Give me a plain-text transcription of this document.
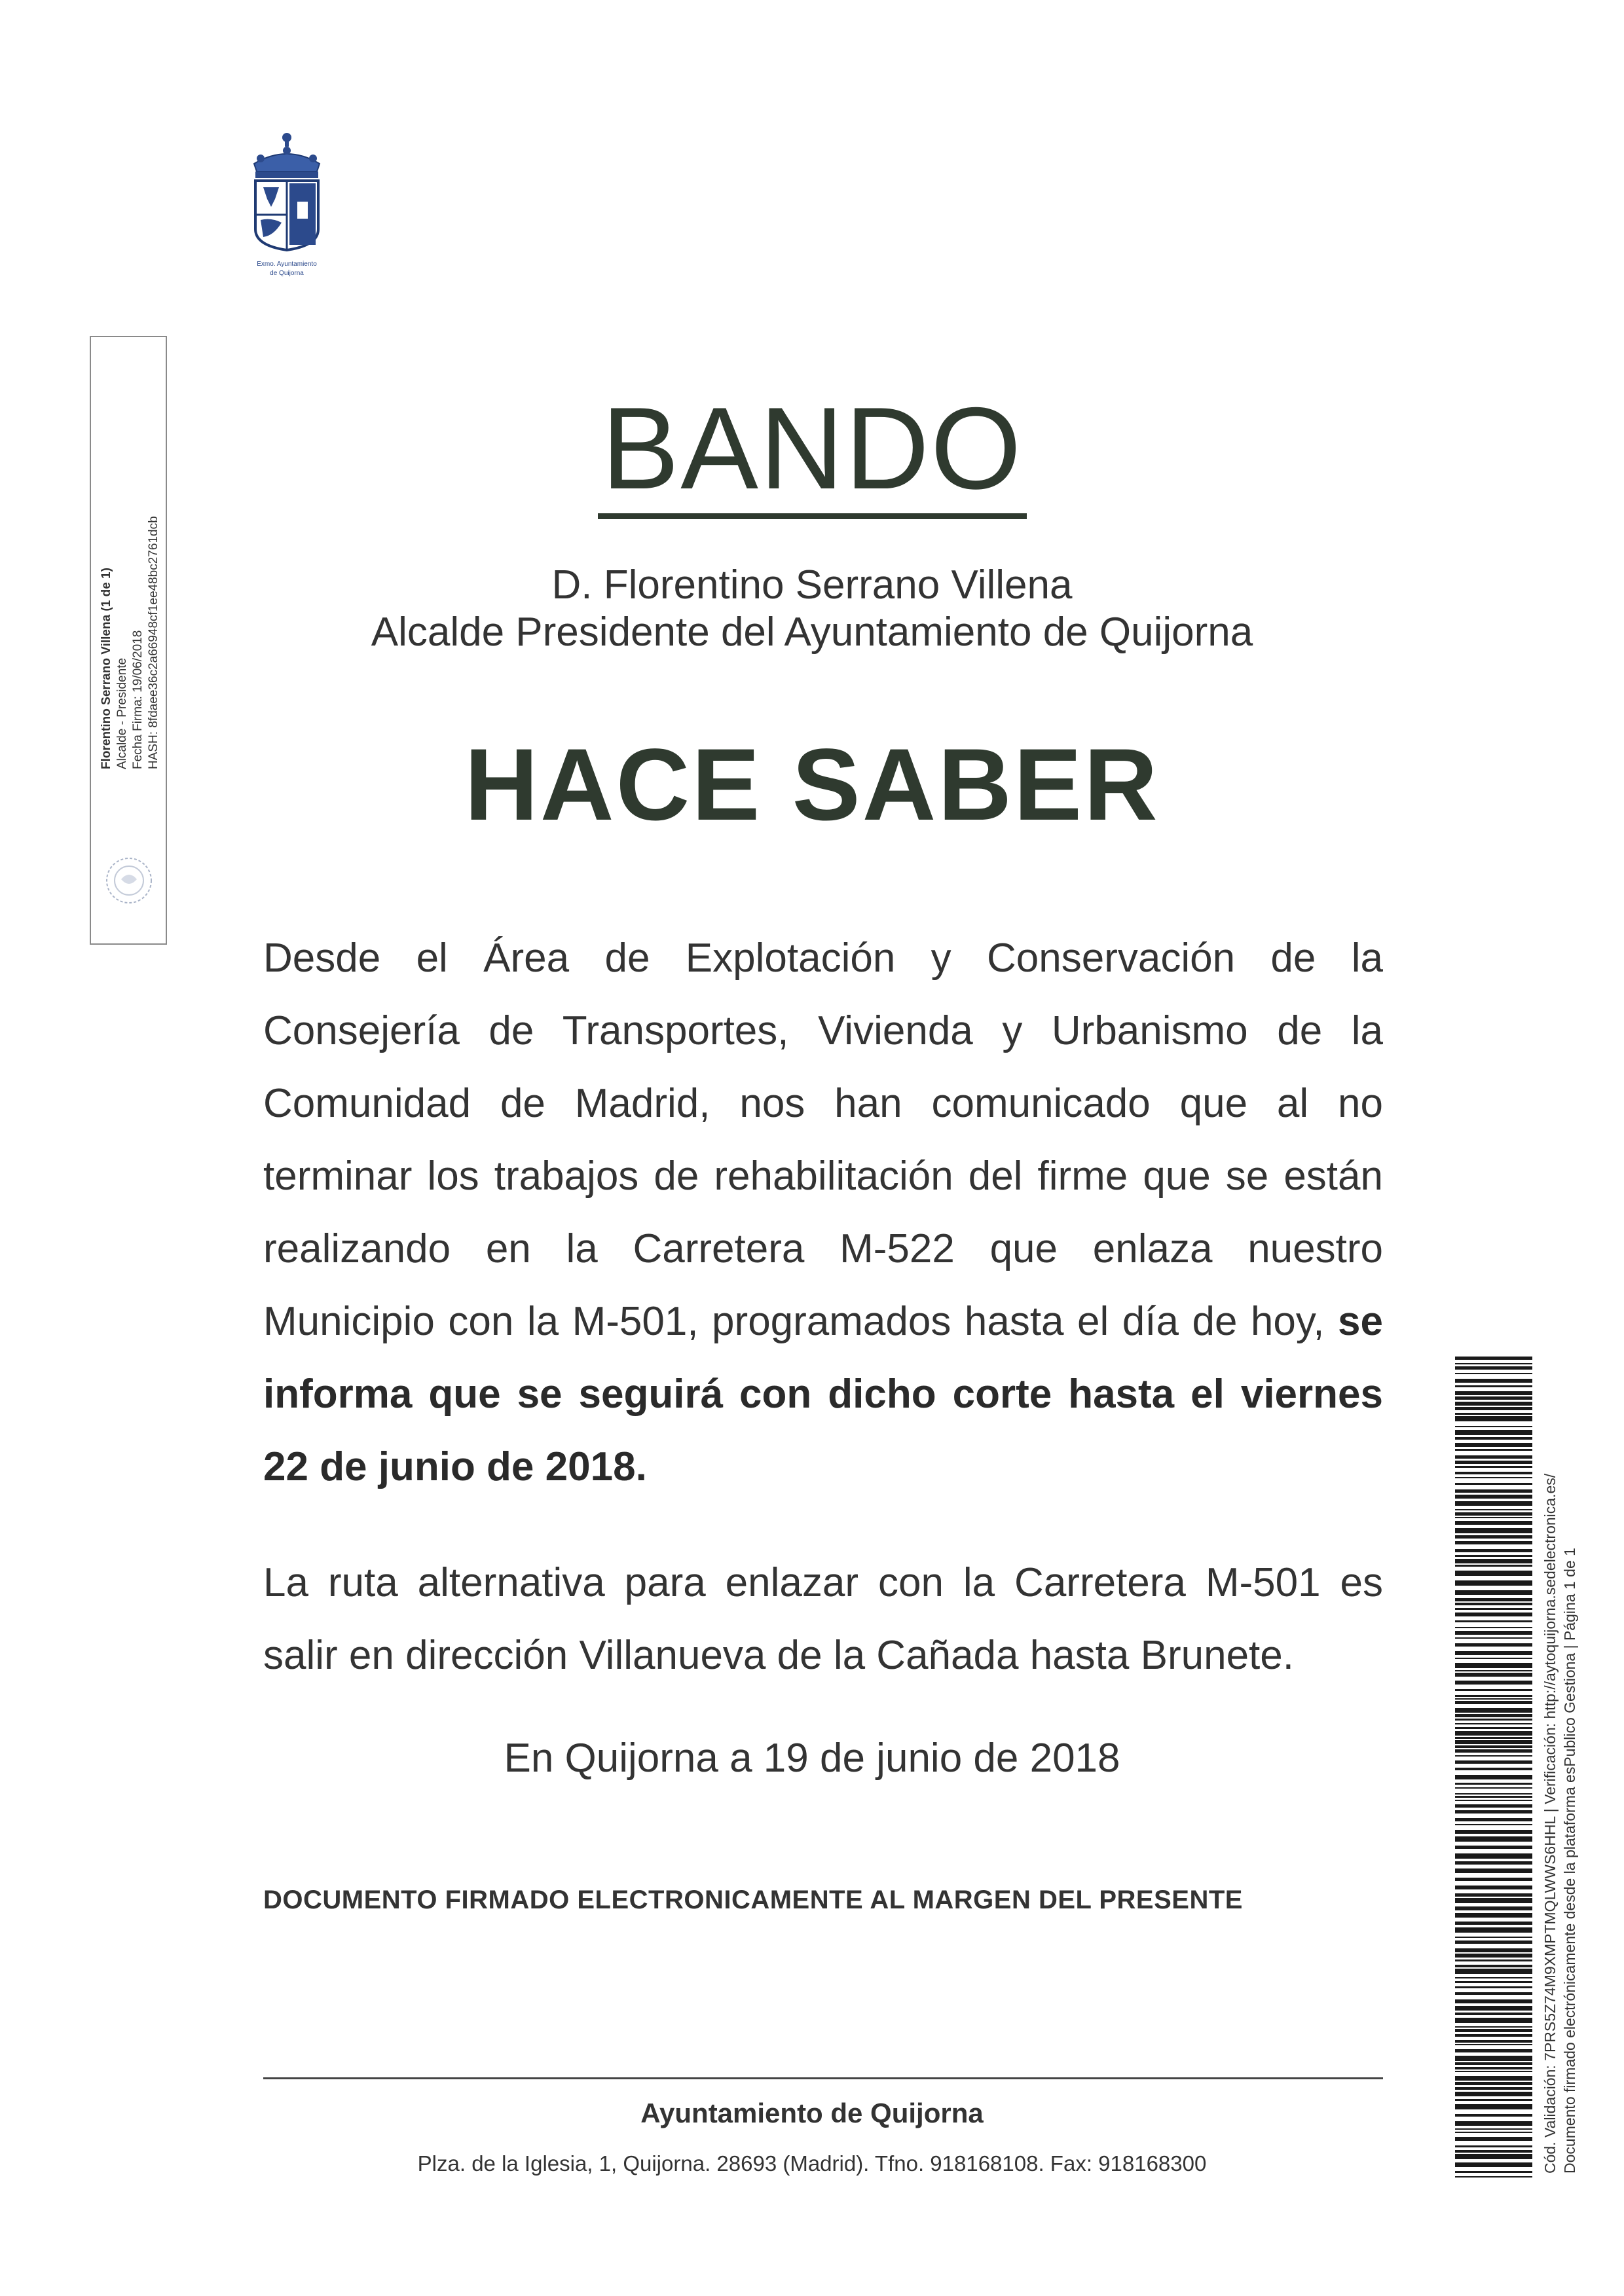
Exmo. Ayuntamiento
de Quijorna
Florentino Serrano Villena (1 de 1) Alcalde - Presidente Fecha Firma: 19/06/2018 HASH: 8fdaee36c2a66948cf1ee48bc2761dcb
BANDO
D. Florentino Serrano Villena
Alcalde Presidente del Ayuntamiento de Quijorna
HACE SABER
Desde el Área de Explotación y Conservación de la Consejería de Transportes, Vivienda y Urbanismo de la Comunidad de Madrid, nos han comunicado que al no terminar los trabajos de rehabilitación del firme que se están realizando en la Carretera M-522 que enlaza nuestro Municipio con la M-501, programados hasta el día de hoy, se informa que se seguirá con dicho corte hasta el viernes 22 de junio de 2018.
La ruta alternativa para enlazar con la Carretera M-501 es salir en dirección Villanueva de la Cañada hasta Brunete.
En Quijorna a 19 de junio de 2018
DOCUMENTO FIRMADO ELECTRONICAMENTE AL MARGEN DEL PRESENTE
Ayuntamiento de Quijorna
Plza. de la Iglesia, 1, Quijorna. 28693 (Madrid). Tfno. 918168108. Fax: 918168300	Cód. Validación: 7PRS5Z74M9XMPTMQLWWS6HHL | Verificación: http://aytoquijorna.sedelectronica.es/ Documento firmado electrónicamente desde la plataforma esPublico Gestiona | Página 1 de 1
